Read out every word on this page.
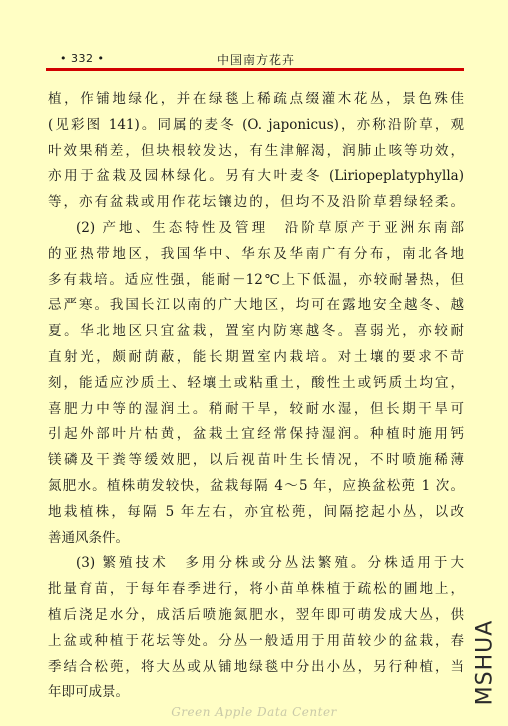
• 332 •	中国南方花卉
植，作铺地绿化，并在绿毯上稀疏点缀灌木花丛，景色殊佳
(见彩图 141)。同属的麦冬 (O. japonicus)，亦称沿阶草，观
叶效果稍差，但块根较发达，有生津解渴，润肺止咳等功效，
亦用于盆栽及园林绿化。另有大叶麦冬 (Liriopeplatyphylla)
等，亦有盆栽或用作花坛镶边的，但均不及沿阶草碧绿轻柔。
(2) 产地、生态特性及管理　沿阶草原产于亚洲东南部
的亚热带地区，我国华中、华东及华南广有分布，南北各地
多有栽培。适应性强，能耐－12℃上下低温，亦较耐暑热，但
忌严寒。我国长江以南的广大地区，均可在露地安全越冬、越
夏。华北地区只宜盆栽，置室内防寒越冬。喜弱光，亦较耐
直射光，颇耐荫蔽，能长期置室内栽培。对土壤的要求不苛
刻，能适应沙质土、轻壤土或粘重土，酸性土或钙质土均宜，
喜肥力中等的湿润土。稍耐干旱，较耐水湿，但长期干旱可
引起外部叶片枯黄，盆栽土宜经常保持湿润。种植时施用钙
镁磷及干粪等缓效肥，以后视苗叶生长情况，不时喷施稀薄
氮肥水。植株萌发较快，盆栽每隔 4～5 年，应换盆松蔸 1 次。
地栽植株，每隔 5 年左右，亦宜松蔸，间隔挖起小丛，以改
善通风条件。
(3) 繁殖技术　多用分株或分丛法繁殖。分株适用于大
批量育苗，于每年春季进行，将小苗单株植于疏松的圃地上，
植后浇足水分，成活后喷施氮肥水，翌年即可萌发成大丛，供
上盆或种植于花坛等处。分丛一般适用于用苗较少的盆栽，春
季结合松蔸，将大丛或从铺地绿毯中分出小丛，另行种植，当
年即可成景。	MSHUA
Green Apple Data Center
